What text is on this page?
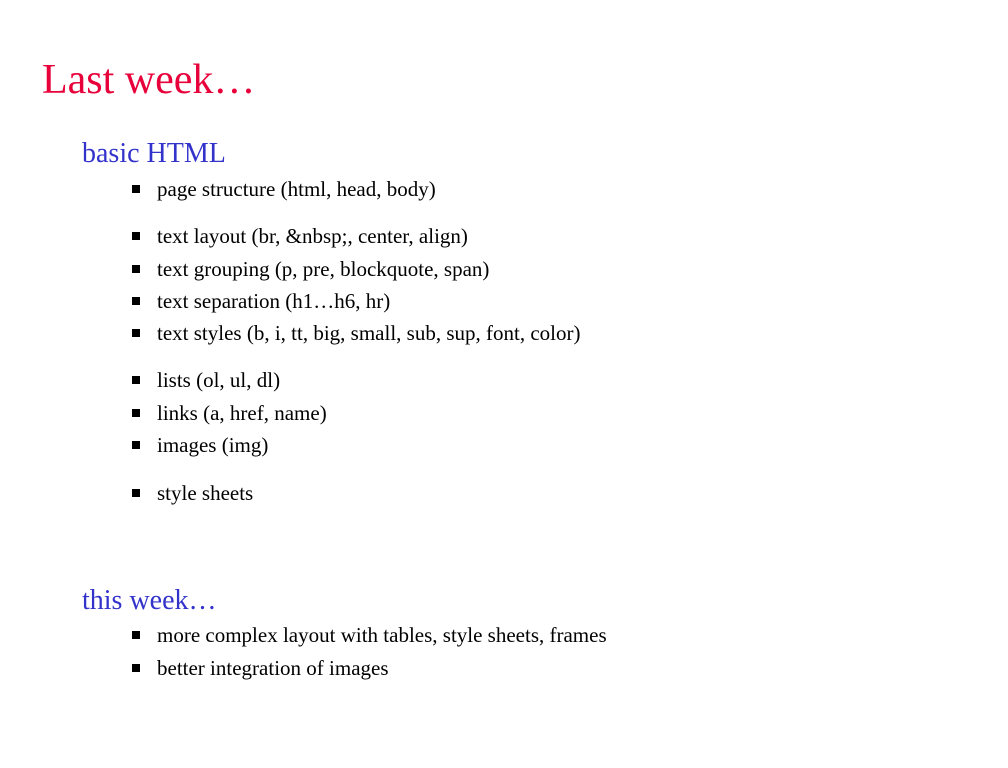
Last week…
basic HTML
page structure (html, head, body)
text layout (br, &nbsp;, center, align)
text grouping (p, pre, blockquote, span)
text separation (h1…h6, hr)
text styles (b, i, tt, big, small, sub, sup, font, color)
lists (ol, ul, dl)
links (a, href, name)
images (img)
style sheets
this week…
more complex layout with tables, style sheets, frames
better integration of images
